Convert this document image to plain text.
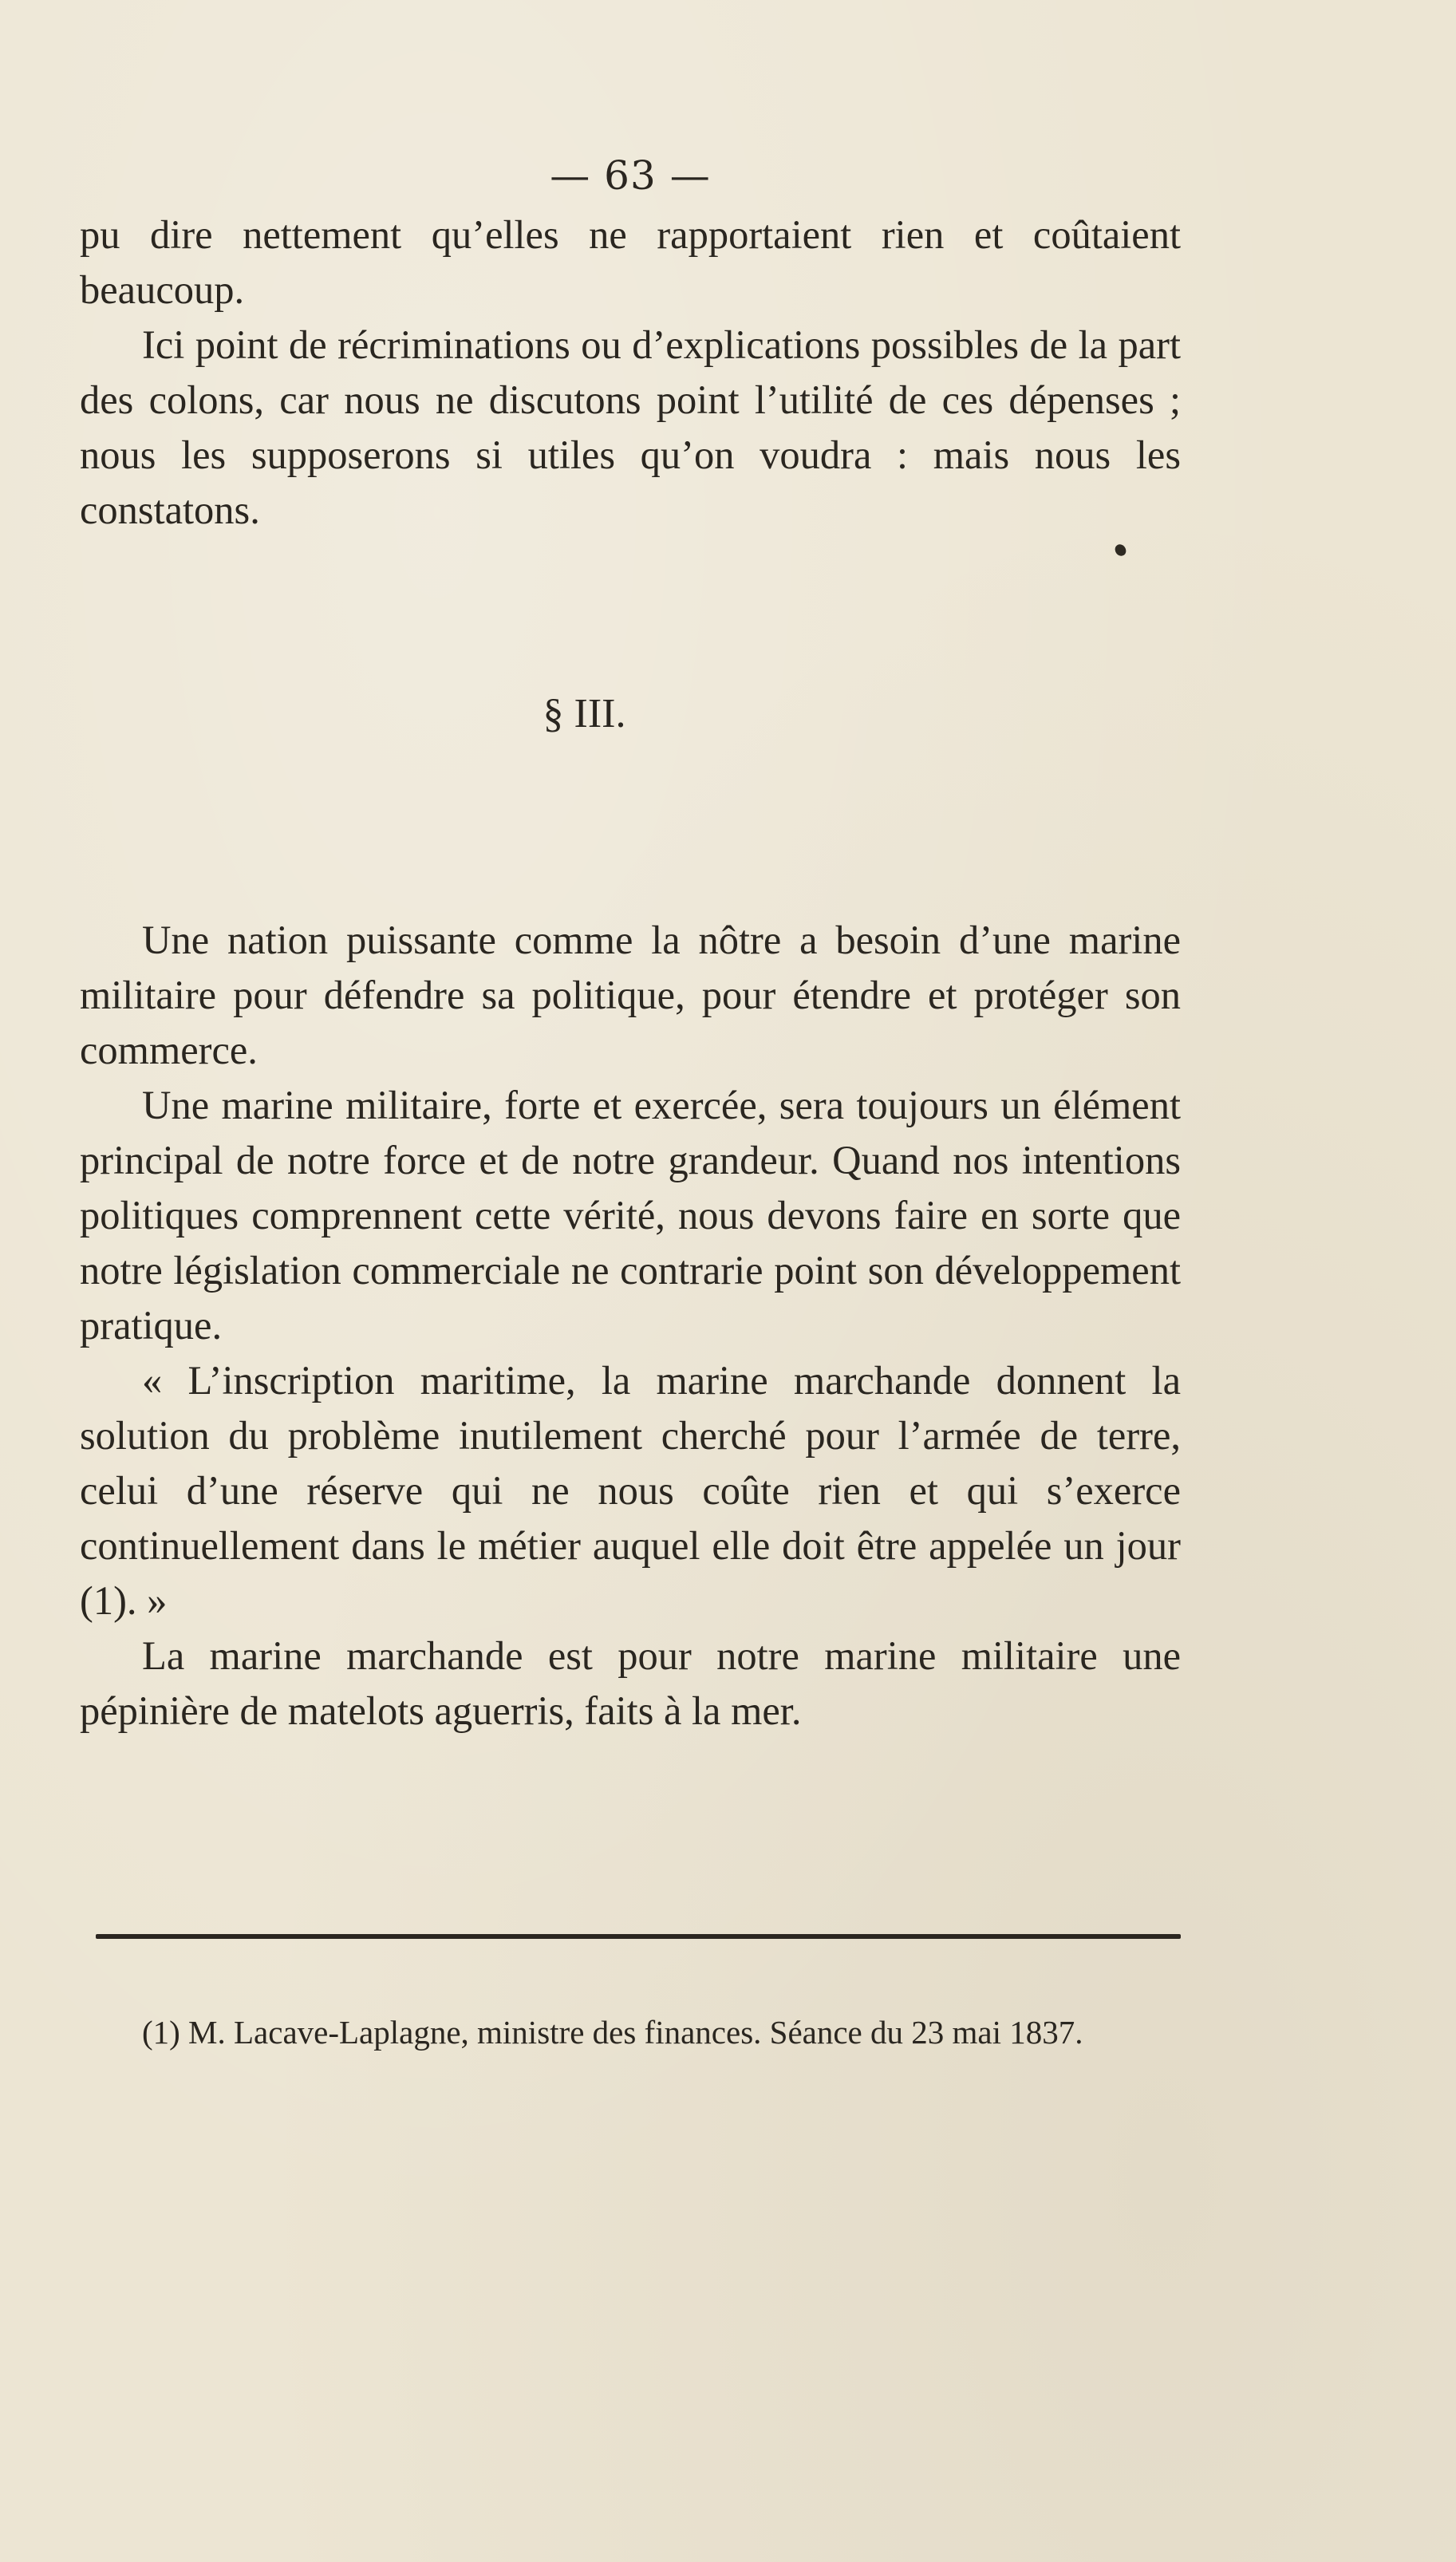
— 63 —

pu dire nettement qu’elles ne rapportaient rien et coûtaient beaucoup.

Ici point de récriminations ou d’explications possibles de la part des colons, car nous ne discutons point l’utilité de ces dépenses ; nous les supposerons si utiles qu’on voudra : mais nous les constatons.

§ III.

Une nation puissante comme la nôtre a besoin d’une marine militaire pour défendre sa politique, pour étendre et protéger son commerce.

Une marine militaire, forte et exercée, sera toujours un élément principal de notre force et de notre grandeur. Quand nos intentions politiques comprennent cette vérité, nous devons faire en sorte que notre législation commerciale ne contrarie point son développement pratique.

« L’inscription maritime, la marine marchande donnent la solution du problème inutilement cherché pour l’armée de terre, celui d’une réserve qui ne nous coûte rien et qui s’exerce continuellement dans le métier auquel elle doit être appelée un jour (1). »

La marine marchande est pour notre marine militaire une pépinière de matelots aguerris, faits à la mer.

(1) M. Lacave-Laplagne, ministre des finances. Séance du 23 mai 1837.
